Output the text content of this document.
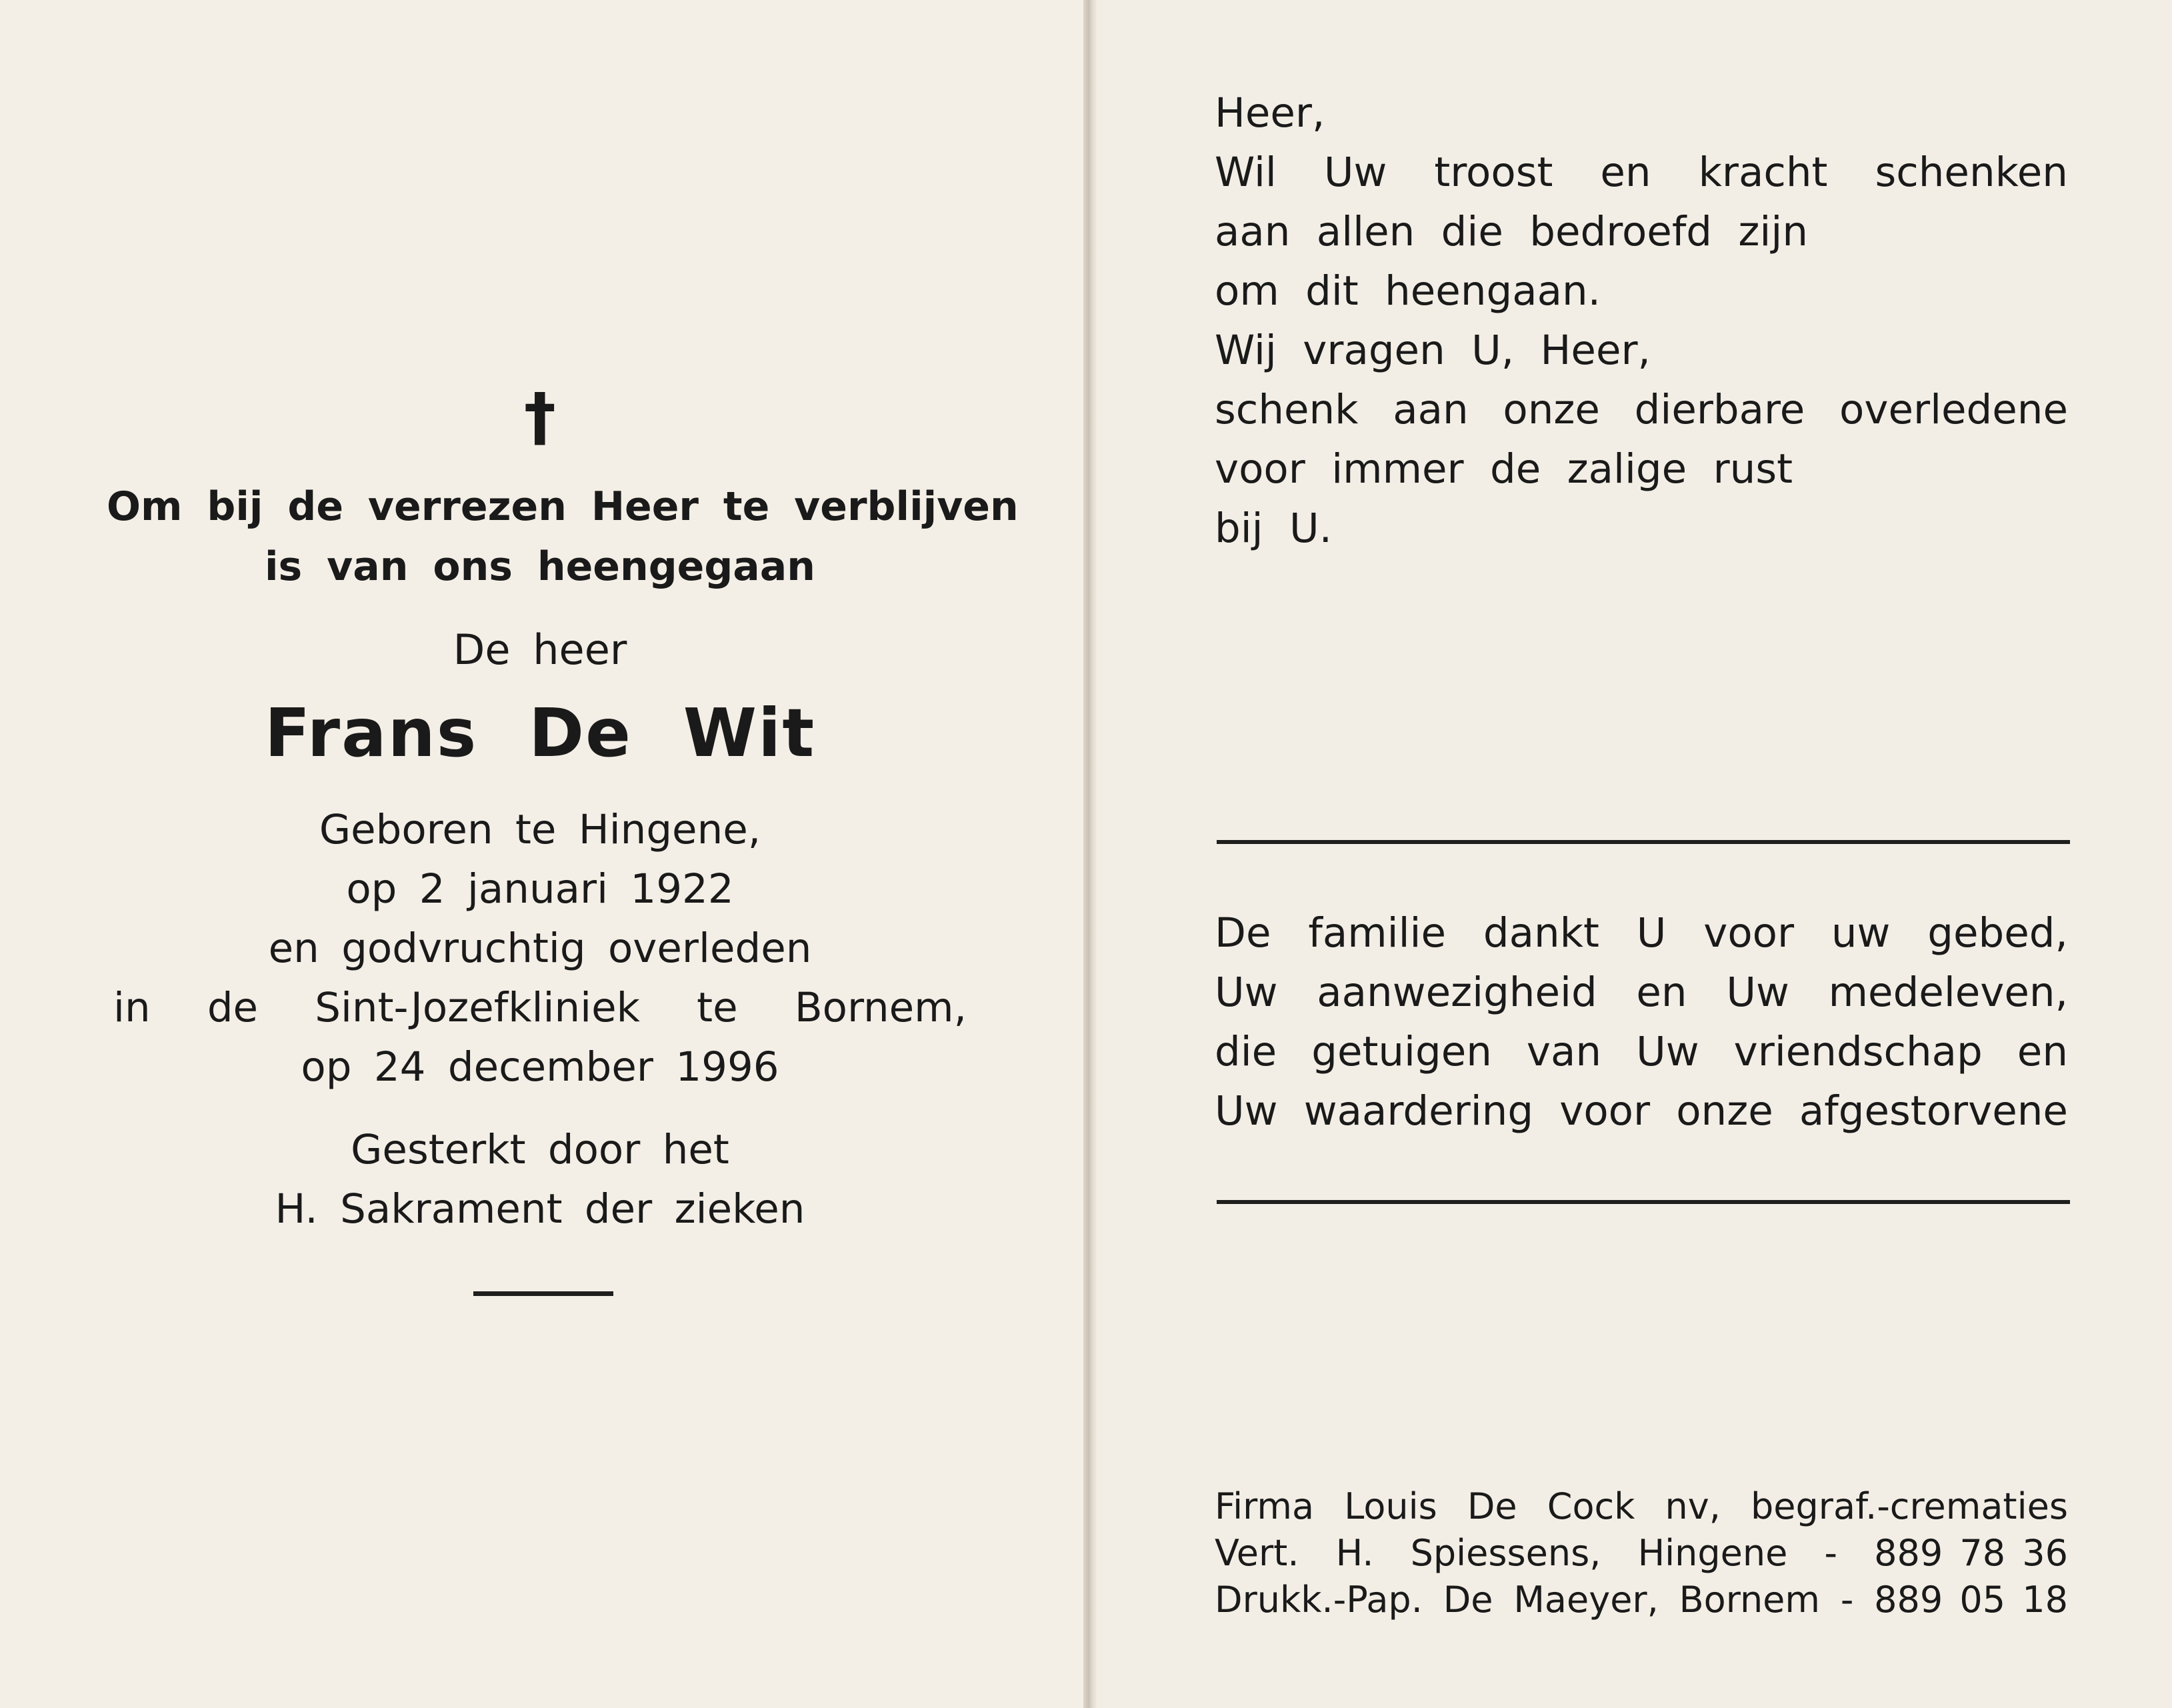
†
Om bij de verrezen Heer te verblijven
is van ons heengegaan
De heer
Frans De Wit
Geboren te Hingene,
op 2 januari 1922
en godvruchtig overleden
in de Sint-Jozefkliniek te Bornem,
op 24 december 1996
Gesterkt door het
H. Sakrament der zieken
Heer,
Wil Uw troost en kracht schenken
aan allen die bedroefd zijn
om dit heengaan.
Wij vragen U, Heer,
schenk aan onze dierbare overledene
voor immer de zalige rust
bij U.
De familie dankt U voor uw gebed,
Uw aanwezigheid en Uw medeleven,
die getuigen van Uw vriendschap en
Uw waardering voor onze afgestorvene
Firma Louis De Cock nv, begraf.-crematies
Vert. H. Spiessens, Hingene - 889 78 36
Drukk.-Pap. De Maeyer, Bornem - 889 05 18
